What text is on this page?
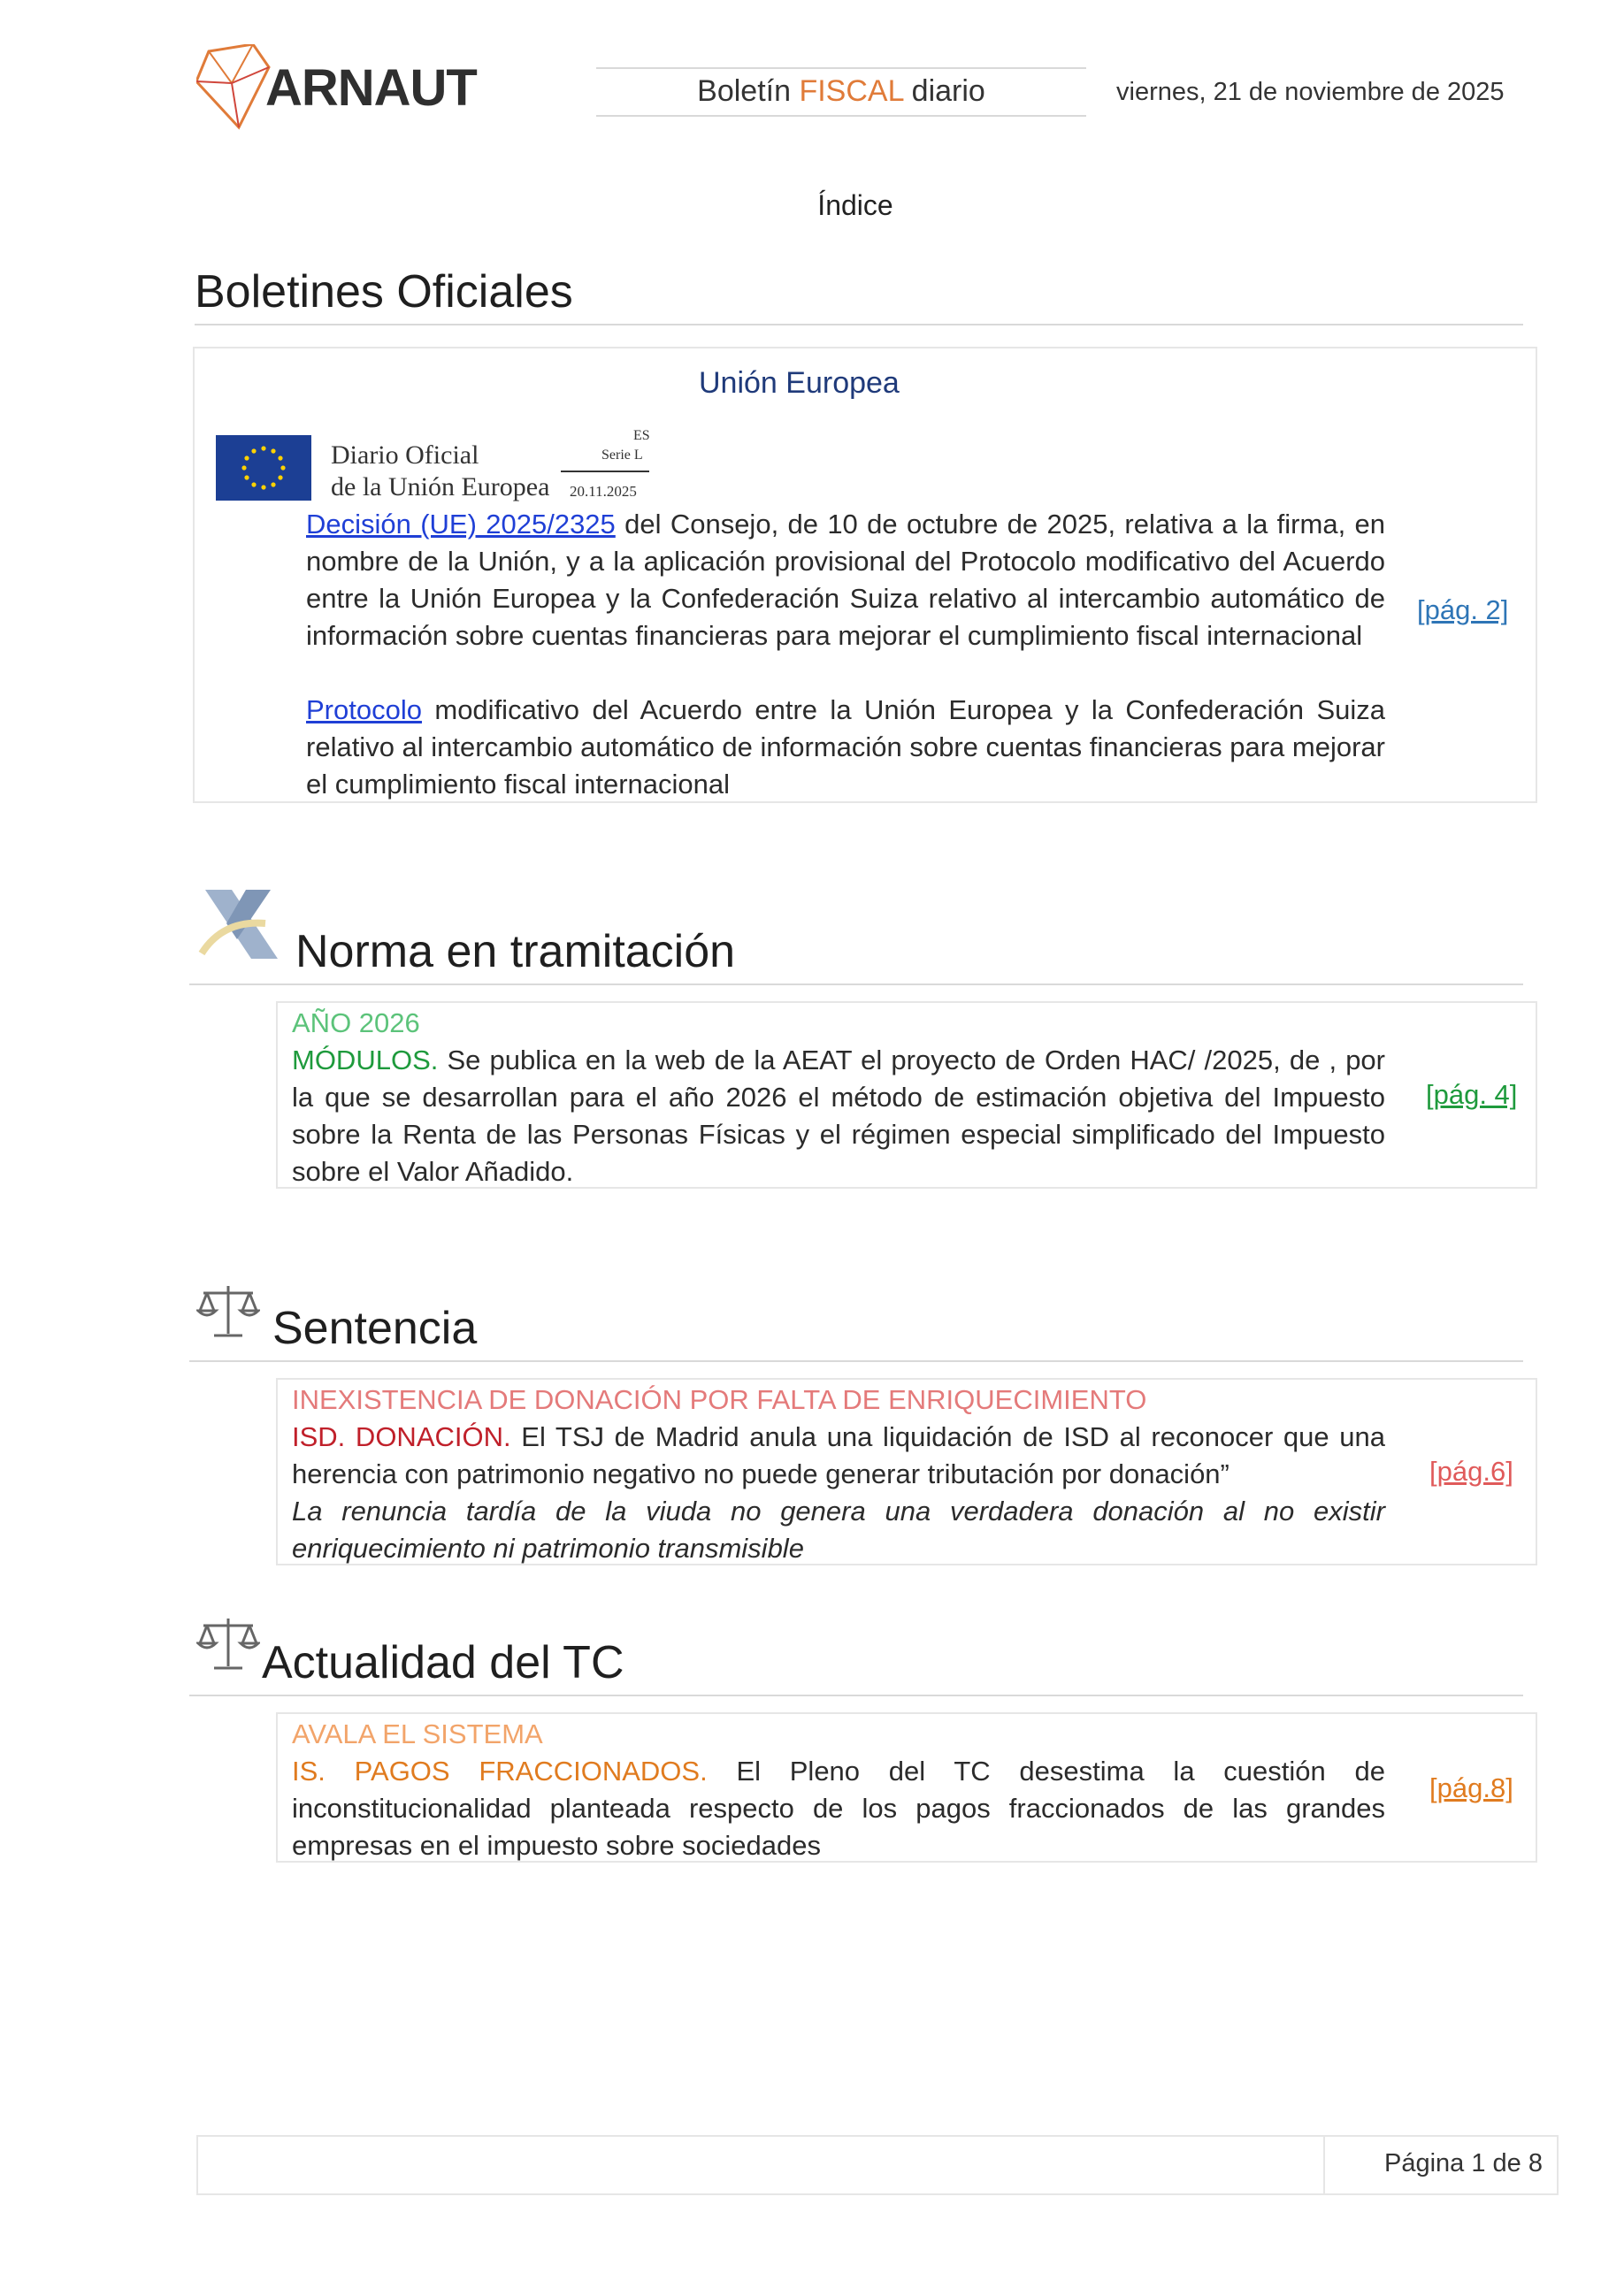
ARNAUT	Boletín FISCAL diario	viernes, 21 de noviembre de 2025
Índice
Boletines Oficiales
Unión Europea
Diario Oficial
de la Unión Europea
ES
Serie L
20.11.2025
Decisión (UE) 2025/2325 del Consejo, de 10 de octubre de 2025, relativa a la firma, en nombre de la Unión, y a la aplicación provisional del Protocolo modificativo del Acuerdo entre la Unión Europea y la Confederación Suiza relativo al intercambio automático de información sobre cuentas financieras para mejorar el cumplimiento fiscal internacional
Protocolo modificativo del Acuerdo entre la Unión Europea y la Confederación Suiza relativo al intercambio automático de información sobre cuentas financieras para mejorar el cumplimiento fiscal internacional
[pág. 2]
Norma en tramitación
AÑO 2026
MÓDULOS. Se publica en la web de la AEAT el proyecto de Orden HAC/ /2025, de , por la que se desarrollan para el año 2026 el método de estimación objetiva del Impuesto sobre la Renta de las Personas Físicas y el régimen especial simplificado del Impuesto sobre el Valor Añadido.
[pág. 4]
Sentencia
INEXISTENCIA DE DONACIÓN POR FALTA DE ENRIQUECIMIENTO
ISD. DONACIÓN. El TSJ de Madrid anula una liquidación de ISD al reconocer que una herencia con patrimonio negativo no puede generar tributación por donación”
La renuncia tardía de la viuda no genera una verdadera donación al no existir enriquecimiento ni patrimonio transmisible
[pág.6]
Actualidad del TC
AVALA EL SISTEMA
IS. PAGOS FRACCIONADOS. El Pleno del TC desestima la cuestión de inconstitucionalidad planteada respecto de los pagos fraccionados de las grandes empresas en el impuesto sobre sociedades
[pág.8]
Página 1 de 8
